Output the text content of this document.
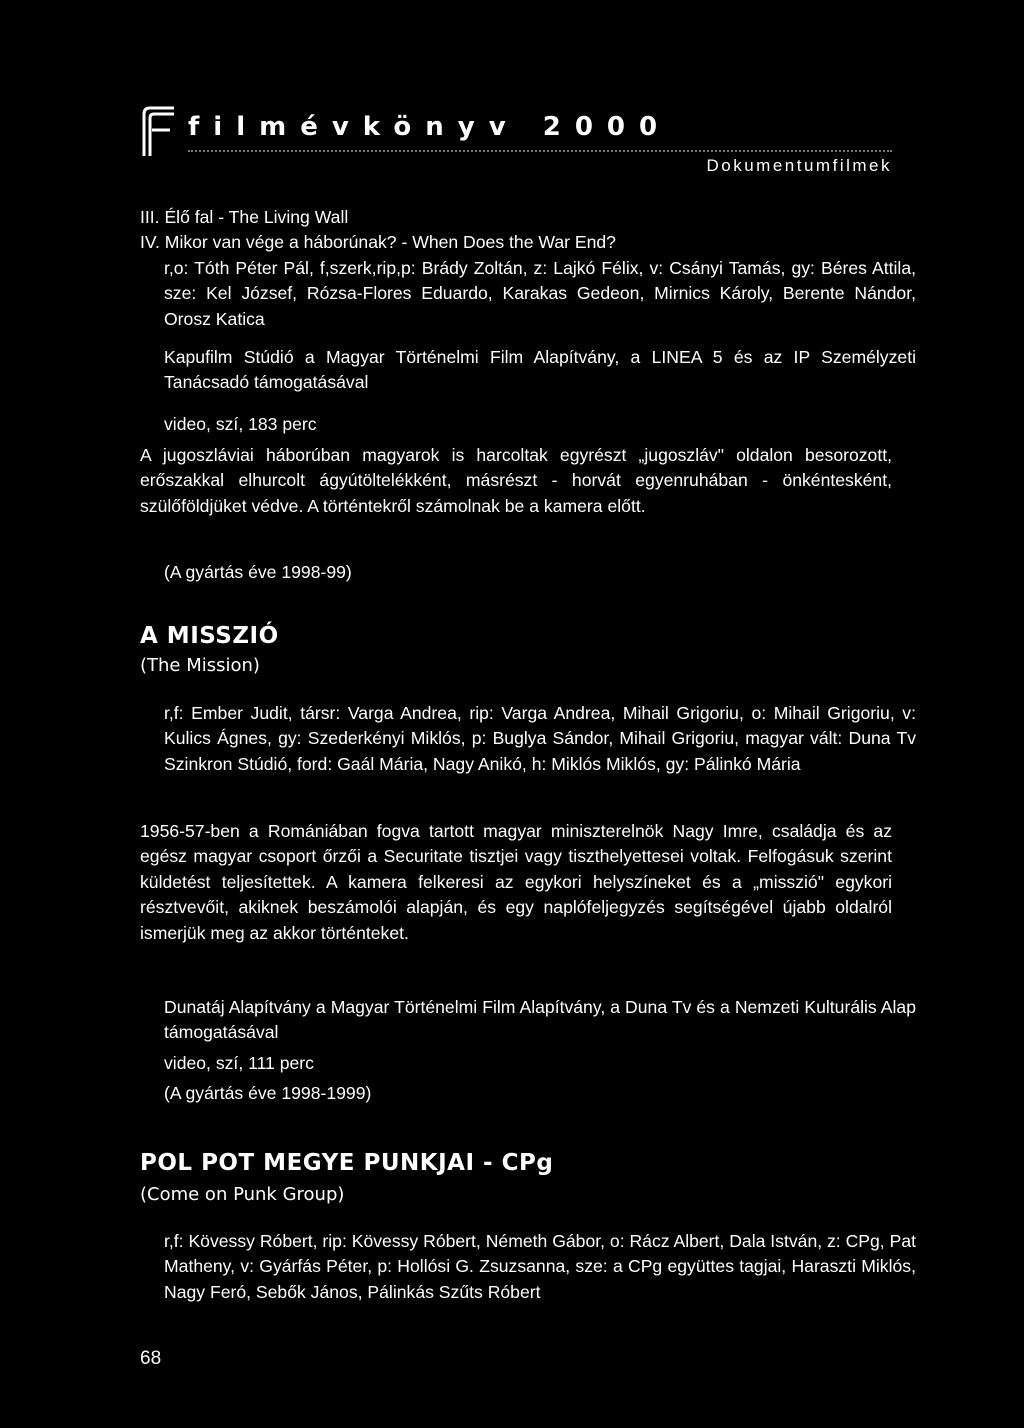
filmévkönyv 2000
Dokumentumfilmek
III. Élő fal - The Living Wall
IV. Mikor van vége a háborúnak? - When Does the War End?

r,o: Tóth Péter Pál, f,szerk,rip,p: Brády Zoltán, z: Lajkó Félix, v: Csányi Tamás, gy: Béres Attila, sze: Kel József, Rózsa-Flores Eduardo, Karakas Gedeon, Mirnics Károly, Berente Nándor, Orosz Katica

Kapufilm Stúdió a Magyar Történelmi Film Alapítvány, a LINEA 5 és az IP Személyzeti Tanácsadó támogatásával

video, szí, 183 perc

A jugoszláviai háborúban magyarok is harcoltak egyrészt „jugoszláv" oldalon besorozott, erőszakkal elhurcolt ágyútöltelékként, másrészt - horvát egyenruhában - önkéntesként, szülőföldjüket védve. A történtekről számolnak be a kamera előtt.

(A gyártás éve 1998-99)

A MISSZIÓ
(The Mission)

r,f: Ember Judit, társr: Varga Andrea, rip: Varga Andrea, Mihail Grigoriu, o: Mihail Grigoriu, v: Kulics Ágnes, gy: Szederkényi Miklós, p: Buglya Sándor, Mihail Grigoriu, magyar vált: Duna Tv Szinkron Stúdió, ford: Gaál Mária, Nagy Anikó, h: Miklós Miklós, gy: Pálinkó Mária

1956-57-ben a Romániában fogva tartott magyar miniszterelnök Nagy Imre, családja és az egész magyar csoport őrzői a Securitate tisztjei vagy tiszthelyettesei voltak. Felfogásuk szerint küldetést teljesítettek. A kamera felkeresi az egykori helyszíneket és a „misszió" egykori résztvevőit, akiknek beszámolói alapján, és egy naplófeljegyzés segítségével újabb oldalról ismerjük meg az akkor történteket.

Dunatáj Alapítvány a Magyar Történelmi Film Alapítvány, a Duna Tv és a Nemzeti Kulturális Alap támogatásával

video, szí, 111 perc

(A gyártás éve 1998-1999)

POL POT MEGYE PUNKJAI - CPg
(Come on Punk Group)

r,f: Kövessy Róbert, rip: Kövessy Róbert, Németh Gábor, o: Rácz Albert, Dala István, z: CPg, Pat Matheny, v: Gyárfás Péter, p: Hollósi G. Zsuzsanna, sze: a CPg együttes tagjai, Haraszti Miklós, Nagy Feró, Sebők János, Pálinkás Szűts Róbert

68
